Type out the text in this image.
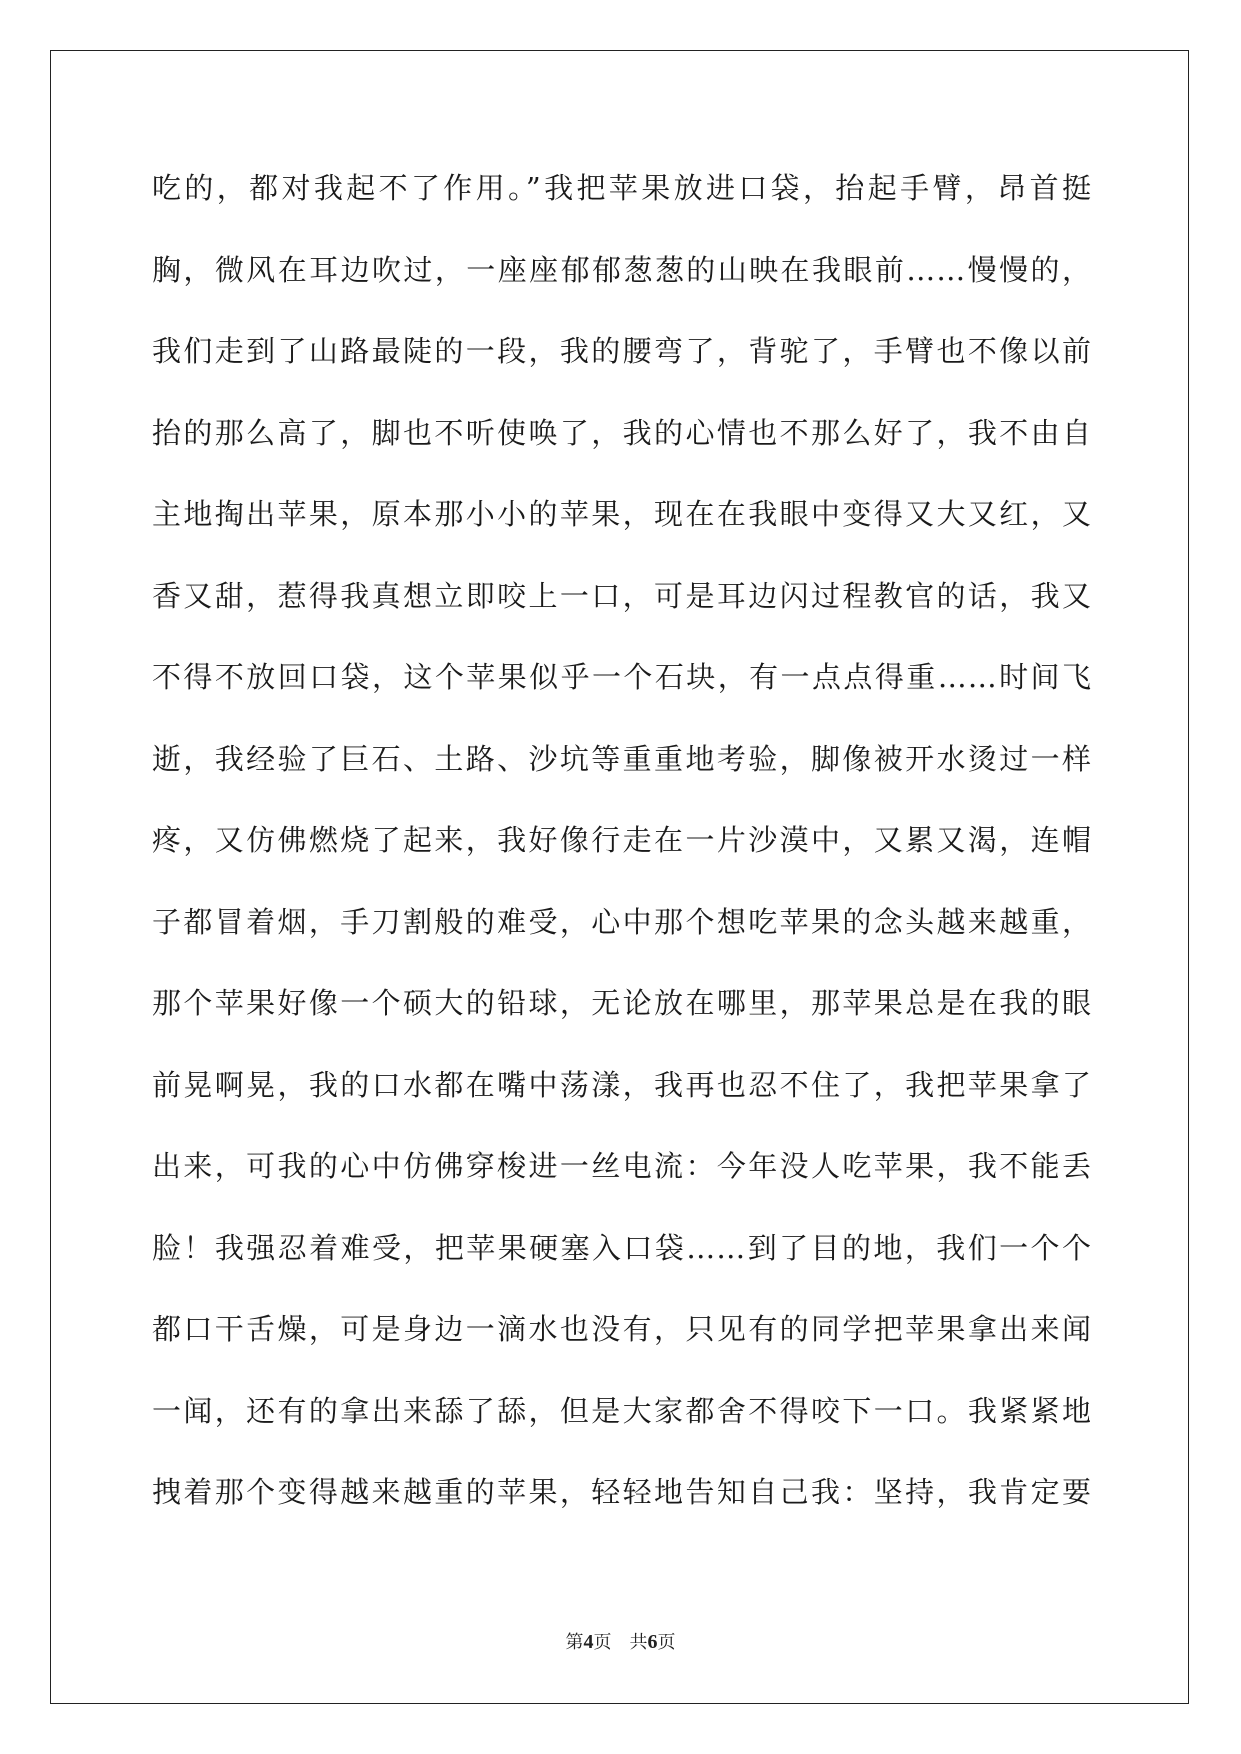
吃的，都对我起不了作用。”我把苹果放进口袋，抬起手臂，昂首挺
胸，微风在耳边吹过，一座座郁郁葱葱的山映在我眼前……慢慢的，
我们走到了山路最陡的一段，我的腰弯了，背驼了，手臂也不像以前
抬的那么高了，脚也不听使唤了，我的心情也不那么好了，我不由自
主地掏出苹果，原本那小小的苹果，现在在我眼中变得又大又红，又
香又甜，惹得我真想立即咬上一口，可是耳边闪过程教官的话，我又
不得不放回口袋，这个苹果似乎一个石块，有一点点得重……时间飞
逝，我经验了巨石、土路、沙坑等重重地考验，脚像被开水烫过一样
疼，又仿佛燃烧了起来，我好像行走在一片沙漠中，又累又渴，连帽
子都冒着烟，手刀割般的难受，心中那个想吃苹果的念头越来越重，
那个苹果好像一个硕大的铅球，无论放在哪里，那苹果总是在我的眼
前晃啊晃，我的口水都在嘴中荡漾，我再也忍不住了，我把苹果拿了
出来，可我的心中仿佛穿梭进一丝电流：今年没人吃苹果，我不能丢
脸！我强忍着难受，把苹果硬塞入口袋……到了目的地，我们一个个
都口干舌燥，可是身边一滴水也没有，只见有的同学把苹果拿出来闻
一闻，还有的拿出来舔了舔，但是大家都舍不得咬下一口。我紧紧地
拽着那个变得越来越重的苹果，轻轻地告知自己我：坚持，我肯定要
第4页 共6页
